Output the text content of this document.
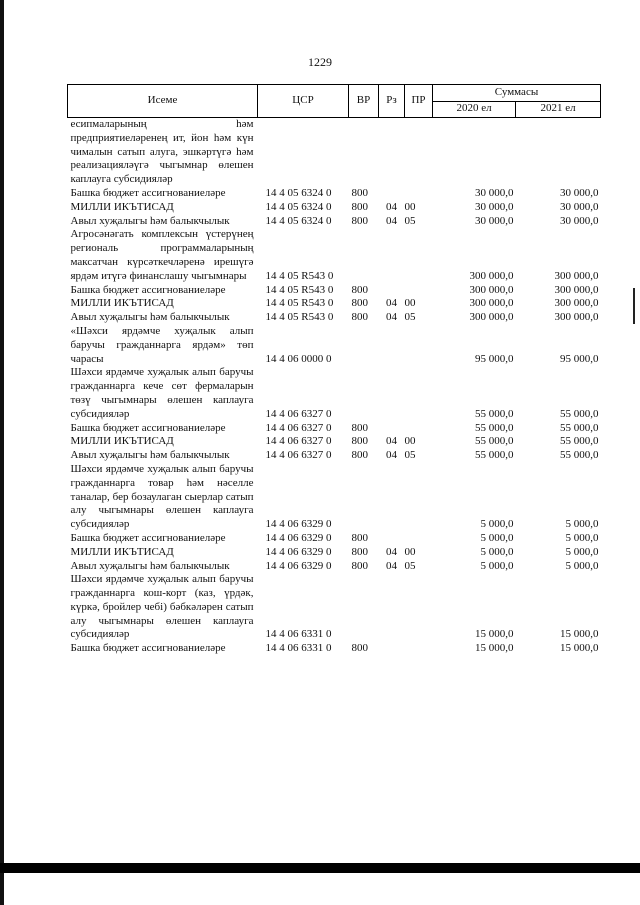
1229
Исеме	ЦСР	ВР	Рз	ПР	Суммасы	
					2020 ел	2021 ел
есипмаларының һәм предприятиеләренең ит, йон һәм күн чималын сатып алуга, эшкәртүгә һәм реализацияләүгә чыгымнар өлешен каплауга субсидияләр						
Башка бюджет ассигнованиеләре	14 4 05 6324 0	800			30 000,0	30 000,0
МИЛЛИ ИКЪТИСАД	14 4 05 6324 0	800	04	00	30 000,0	30 000,0
Авыл хуҗалыгы һәм балыкчылык	14 4 05 6324 0	800	04	05	30 000,0	30 000,0
Агросәнәгать комплексын үстерүнең региональ программаларының максатчан күрсәткечләренә ирешүгә ярдәм итүгә финанслашу чыгымнары	14 4 05 R543 0				300 000,0	300 000,0
Башка бюджет ассигнованиеләре	14 4 05 R543 0	800			300 000,0	300 000,0
МИЛЛИ ИКЪТИСАД	14 4 05 R543 0	800	04	00	300 000,0	300 000,0
Авыл хуҗалыгы һәм балыкчылык	14 4 05 R543 0	800	04	05	300 000,0	300 000,0
«Шәхси ярдәмче хуҗалык алып баручы гражданнарга ярдәм» төп чарасы	14 4 06 0000 0				95 000,0	95 000,0
Шәхси ярдәмче хуҗалык алып баручы гражданнарга кече сөт фермаларын төзү чыгымнары өлешен каплауга субсидияләр	14 4 06 6327 0				55 000,0	55 000,0
Башка бюджет ассигнованиеләре	14 4 06 6327 0	800			55 000,0	55 000,0
МИЛЛИ ИКЪТИСАД	14 4 06 6327 0	800	04	00	55 000,0	55 000,0
Авыл хуҗалыгы һәм балыкчылык	14 4 06 6327 0	800	04	05	55 000,0	55 000,0
Шәхси ярдәмче хуҗалык алып баручы гражданнарга товар һәм нәселле таналар, бер бозаулаган сыерлар сатып алу чыгымнары өлешен каплауга субсидияләр	14 4 06 6329 0				5 000,0	5 000,0
Башка бюджет ассигнованиеләре	14 4 06 6329 0	800			5 000,0	5 000,0
МИЛЛИ ИКЪТИСАД	14 4 06 6329 0	800	04	00	5 000,0	5 000,0
Авыл хуҗалыгы һәм балыкчылык	14 4 06 6329 0	800	04	05	5 000,0	5 000,0
Шәхси ярдәмче хуҗалык алып баручы гражданнарга кош-корт (каз, үрдәк, күркә, бройлер чебі) бәбкәләрен сатып алу чыгымнары өлешен каплауга субсидияләр	14 4 06 6331 0				15 000,0	15 000,0
Башка бюджет ассигнованиеләре	14 4 06 6331 0	800			15 000,0	15 000,0
